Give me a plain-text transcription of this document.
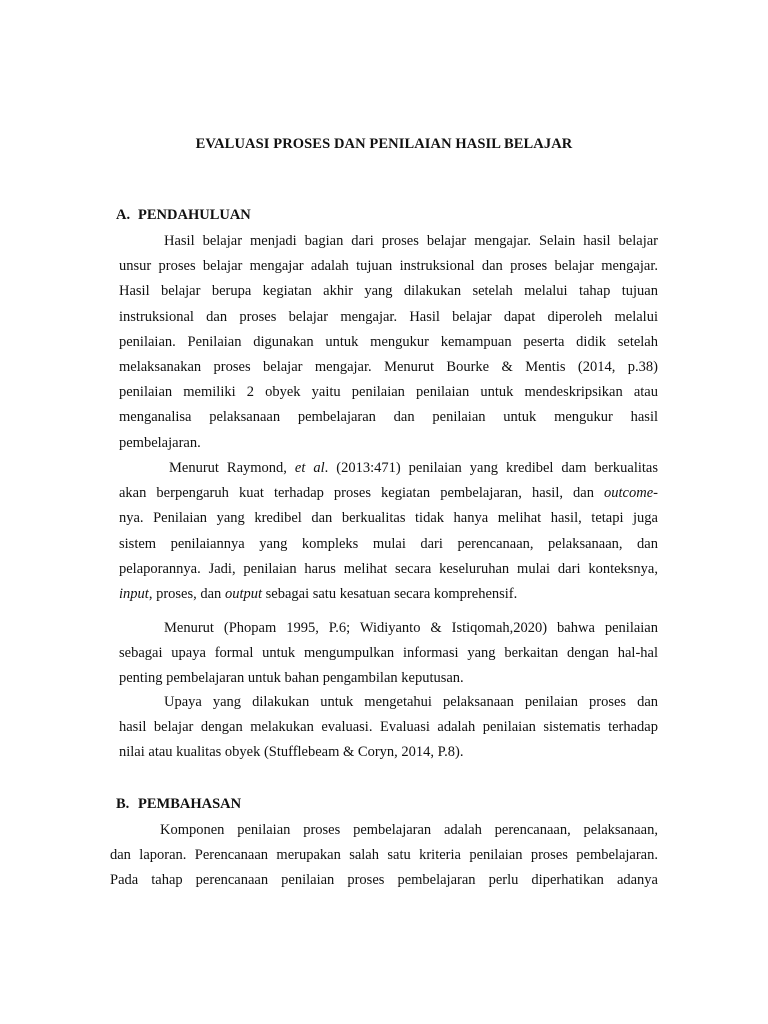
EVALUASI PROSES DAN PENILAIAN HASIL BELAJAR
A. PENDAHULUAN
Hasil belajar menjadi bagian dari proses belajar mengajar. Selain hasil belajar
unsur proses belajar mengajar adalah tujuan instruksional dan proses belajar mengajar.
Hasil belajar berupa kegiatan akhir yang dilakukan setelah melalui tahap tujuan
instruksional dan proses belajar mengajar. Hasil belajar dapat diperoleh melalui
penilaian. Penilaian digunakan untuk mengukur kemampuan peserta didik setelah
melaksanakan proses belajar mengajar. Menurut Bourke & Mentis (2014, p.38)
penilaian memiliki 2 obyek yaitu penilaian penilaian untuk mendeskripsikan atau
menganalisa pelaksanaan pembelajaran dan penilaian untuk mengukur hasil
pembelajaran.
Menurut Raymond, et al. (2013:471) penilaian yang kredibel dam berkualitas
akan berpengaruh kuat terhadap proses kegiatan pembelajaran, hasil, dan outcome-
nya. Penilaian yang kredibel dan berkualitas tidak hanya melihat hasil, tetapi juga
sistem penilaiannya yang kompleks mulai dari perencanaan, pelaksanaan, dan
pelaporannya. Jadi, penilaian harus melihat secara keseluruhan mulai dari konteksnya,
input, proses, dan output sebagai satu kesatuan secara komprehensif.
Menurut (Phopam 1995, P.6; Widiyanto & Istiqomah,2020) bahwa penilaian
sebagai upaya formal untuk mengumpulkan informasi yang berkaitan dengan hal-hal
penting pembelajaran untuk bahan pengambilan keputusan.
Upaya yang dilakukan untuk mengetahui pelaksanaan penilaian proses dan
hasil belajar dengan melakukan evaluasi. Evaluasi adalah penilaian sistematis terhadap
nilai atau kualitas obyek (Stufflebeam & Coryn, 2014, P.8).
B. PEMBAHASAN
Komponen penilaian proses pembelajaran adalah perencanaan, pelaksanaan,
dan laporan. Perencanaan merupakan salah satu kriteria penilaian proses pembelajaran.
Pada tahap perencanaan penilaian proses pembelajaran perlu diperhatikan adanya
